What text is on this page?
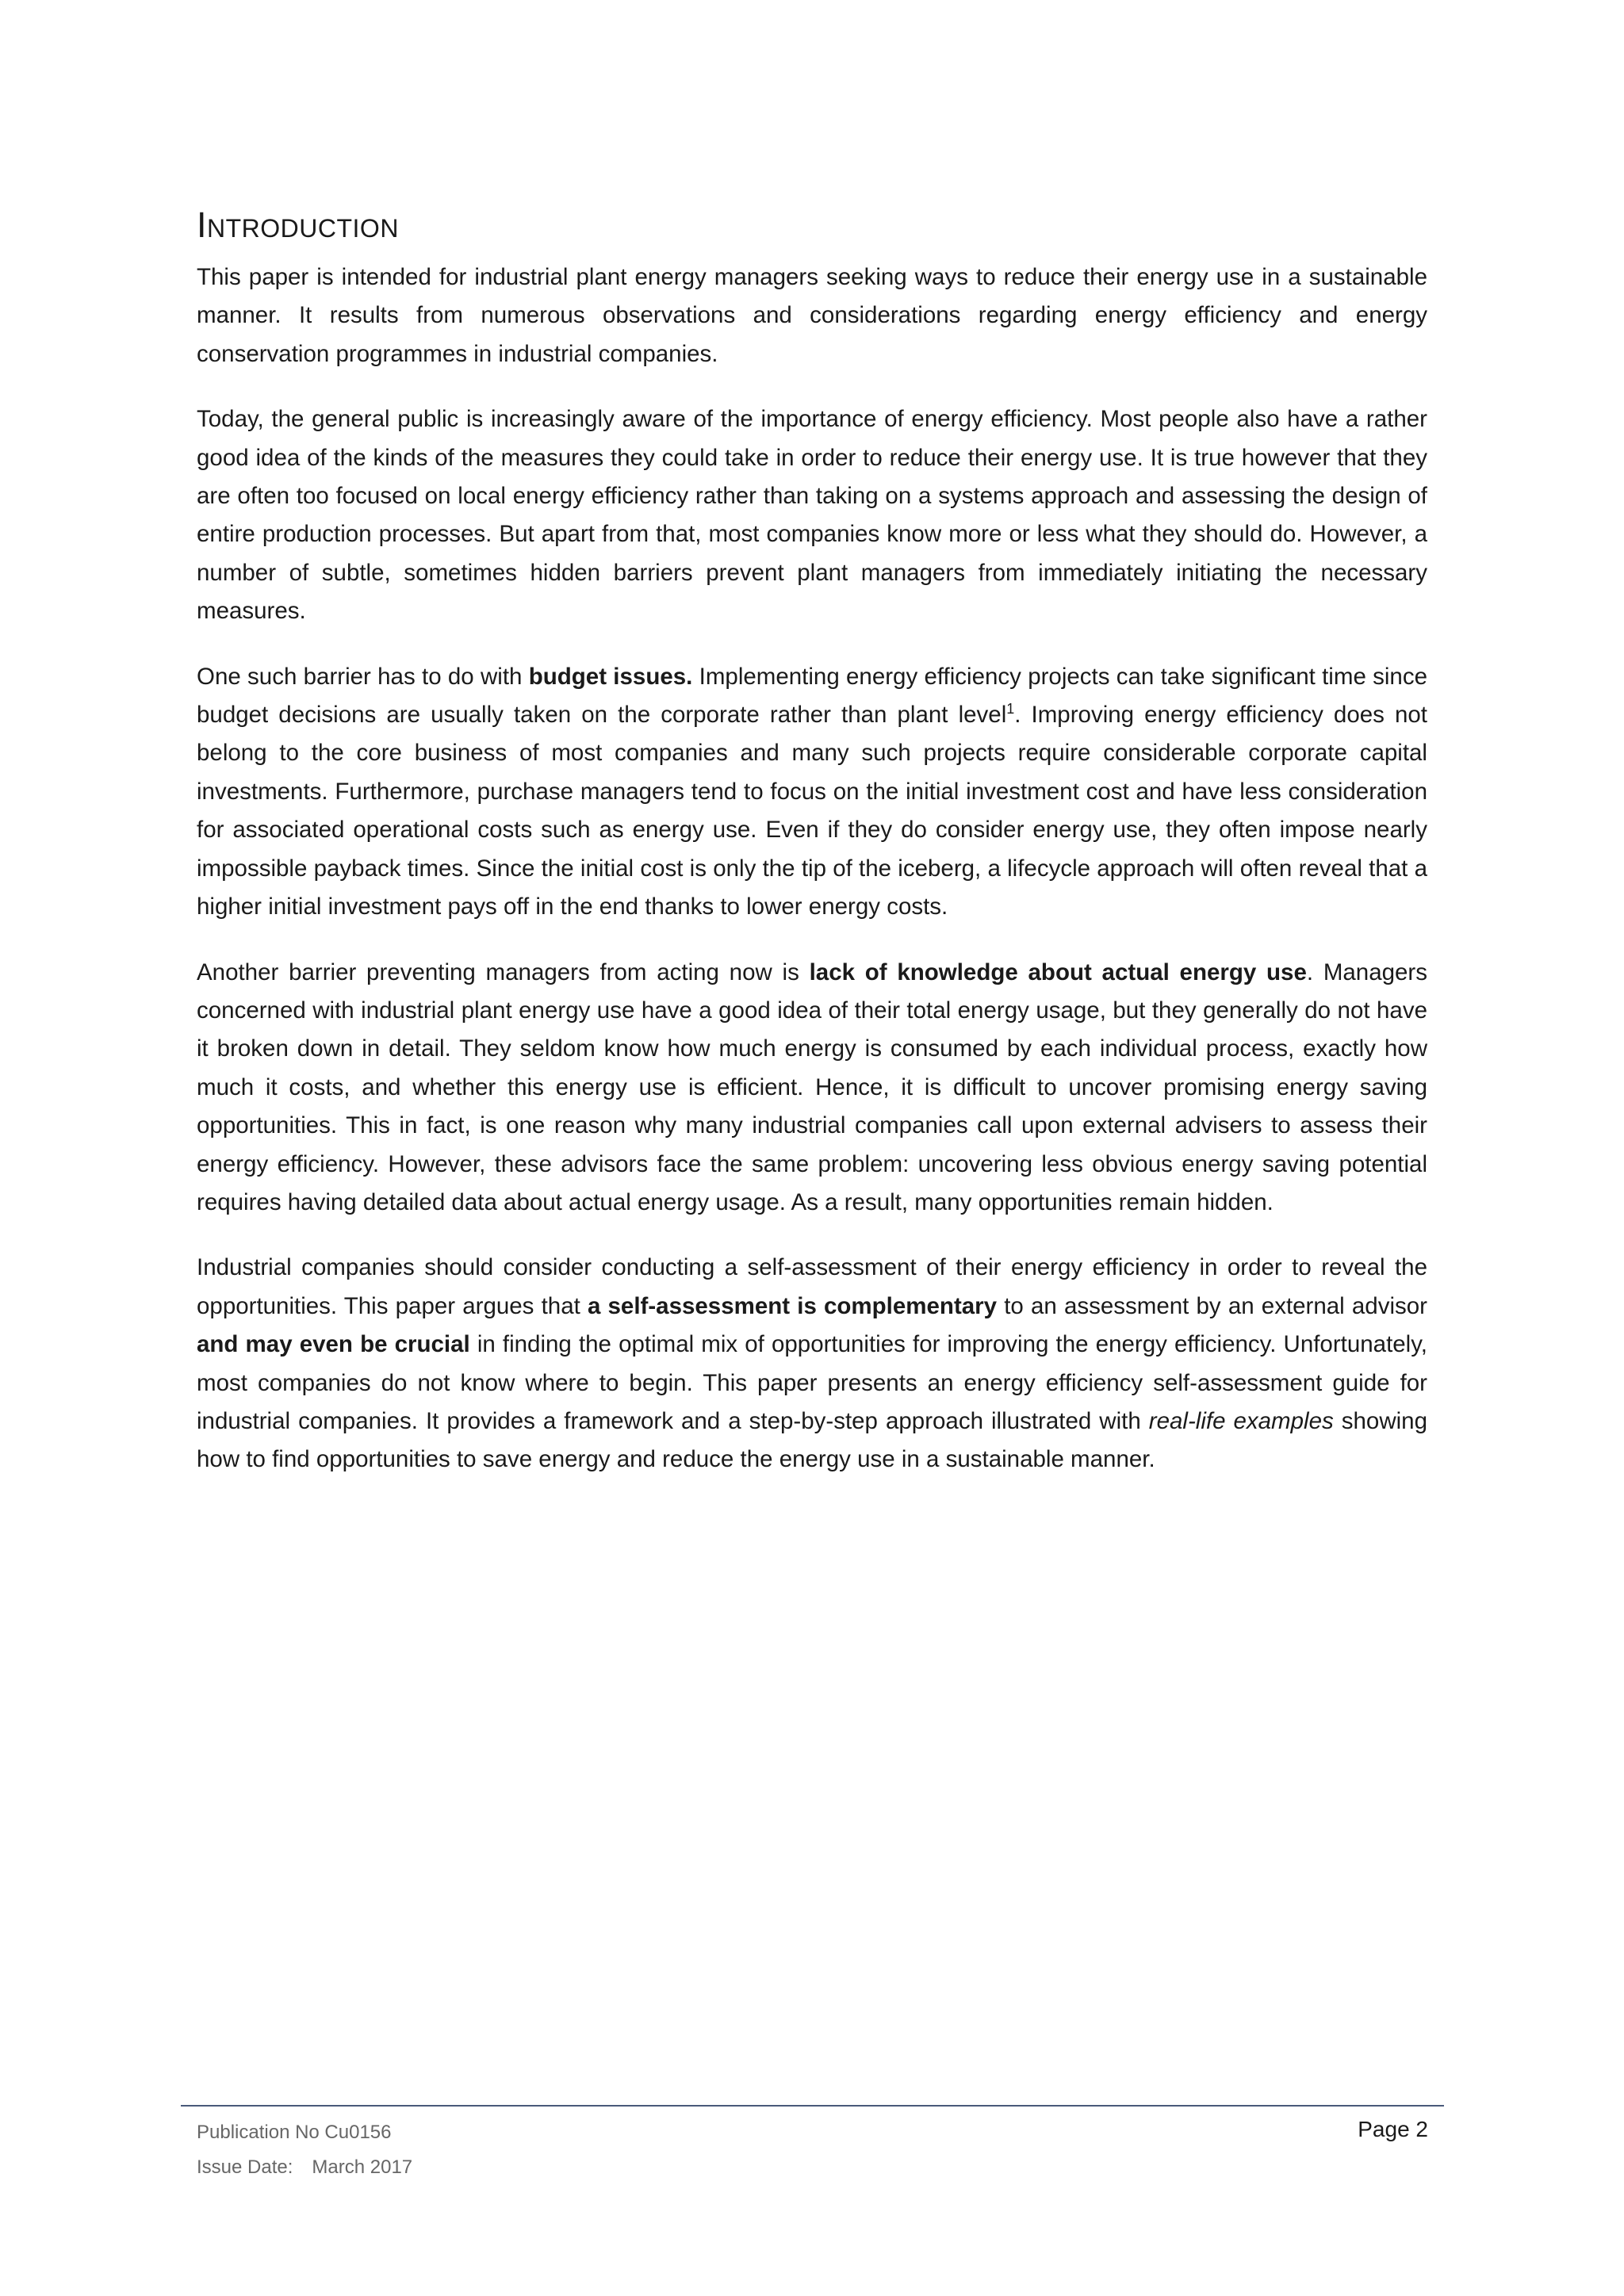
Introduction

This paper is intended for industrial plant energy managers seeking ways to reduce their energy use in a sustainable manner. It results from numerous observations and considerations regarding energy efficiency and energy conservation programmes in industrial companies.

Today, the general public is increasingly aware of the importance of energy efficiency. Most people also have a rather good idea of the kinds of the measures they could take in order to reduce their energy use. It is true however that they are often too focused on local energy efficiency rather than taking on a systems approach and assessing the design of entire production processes. But apart from that, most companies know more or less what they should do. However, a number of subtle, sometimes hidden barriers prevent plant managers from immediately initiating the necessary measures.

One such barrier has to do with budget issues. Implementing energy efficiency projects can take significant time since budget decisions are usually taken on the corporate rather than plant level$^1$. Improving energy efficiency does not belong to the core business of most companies and many such projects require considerable corporate capital investments. Furthermore, purchase managers tend to focus on the initial investment cost and have less consideration for associated operational costs such as energy use. Even if they do consider energy use, they often impose nearly impossible payback times. Since the initial cost is only the tip of the iceberg, a lifecycle approach will often reveal that a higher initial investment pays off in the end thanks to lower energy costs.

Another barrier preventing managers from acting now is lack of knowledge about actual energy use. Managers concerned with industrial plant energy use have a good idea of their total energy usage, but they generally do not have it broken down in detail. They seldom know how much energy is consumed by each individual process, exactly how much it costs, and whether this energy use is efficient. Hence, it is difficult to uncover promising energy saving opportunities. This in fact, is one reason why many industrial companies call upon external advisers to assess their energy efficiency. However, these advisors face the same problem: uncovering less obvious energy saving potential requires having detailed data about actual energy usage. As a result, many opportunities remain hidden.

Industrial companies should consider conducting a self-assessment of their energy efficiency in order to reveal the opportunities. This paper argues that a self-assessment is complementary to an assessment by an external advisor and may even be crucial in finding the optimal mix of opportunities for improving the energy efficiency. Unfortunately, most companies do not know where to begin. This paper presents an energy efficiency self-assessment guide for industrial companies. It provides a framework and a step-by-step approach illustrated with real-life examples showing how to find opportunities to save energy and reduce the energy use in a sustainable manner.

Publication No Cu0156
Issue Date: March 2017
Page 2
